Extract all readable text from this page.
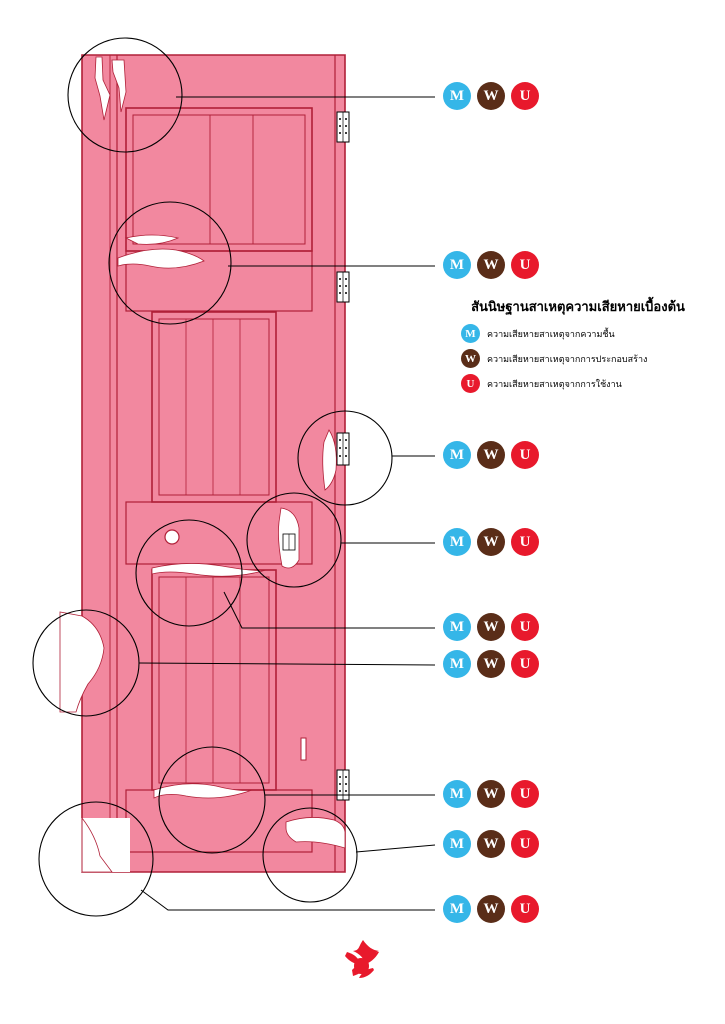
M	W	U
M	W	U
M	W	U
M	W	U
M	W	U
M	W	U
M	W	U
M	W	U
M	W	U
สันนิษฐานสาเหตุความเสียหายเบื้องต้น
M	ความเสียหายสาเหตุจากความชื้น
W	ความเสียหายสาเหตุจากการประกอบสร้าง
U	ความเสียหายสาเหตุจากการใช้งาน
